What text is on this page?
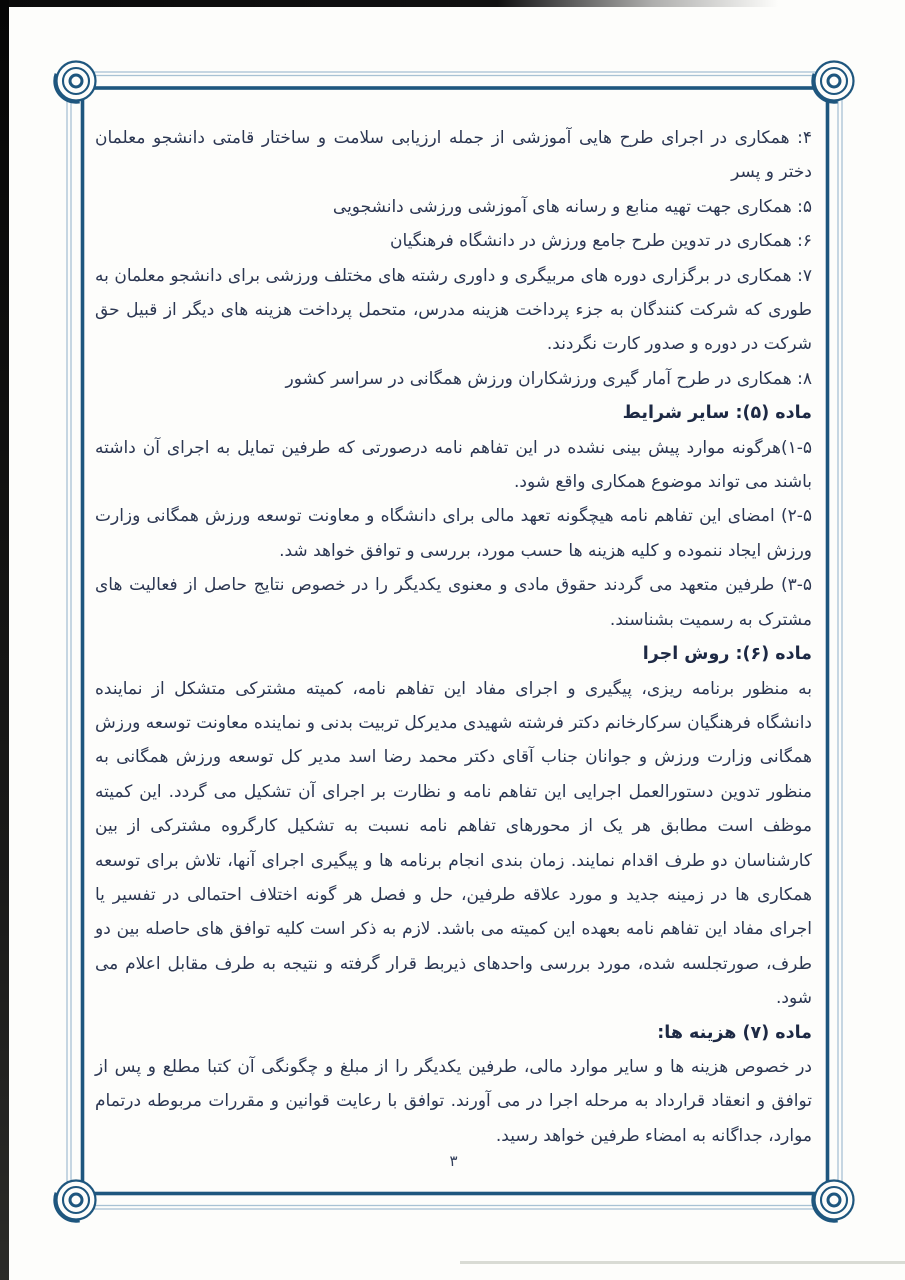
۴: همکاری در اجرای طرح هایی آموزشی از جمله ارزیابی سلامت و ساختار قامتی دانشجو معلمان دختر و پسر

۵: همکاری جهت تهیه منابع و رسانه های آموزشی ورزشی دانشجویی

۶: همکاری در تدوین طرح جامع ورزش در دانشگاه فرهنگیان

۷: همکاری در برگزاری دوره های مربیگری و داوری رشته های مختلف ورزشی برای دانشجو معلمان به طوری که شرکت کنندگان به جزء پرداخت هزینه مدرس، متحمل پرداخت هزینه های دیگر از قبیل حق شرکت در دوره و صدور کارت نگردند.

۸: همکاری در طرح آمار گیری ورزشکاران ورزش همگانی در سراسر کشور

ماده (۵): سایر شرایط

۱-۵)هرگونه موارد پیش بینی نشده در این تفاهم نامه درصورتی که طرفین تمایل به اجرای آن داشته باشند می تواند موضوع همکاری واقع شود.

۲-۵) امضای این تفاهم نامه هیچگونه تعهد مالی برای دانشگاه و معاونت توسعه ورزش همگانی وزارت ورزش ایجاد ننموده و کلیه هزینه ها حسب مورد، بررسی و توافق خواهد شد.

۳-۵) طرفین متعهد می گردند حقوق مادی و معنوی یکدیگر را در خصوص نتایج حاصل از فعالیت های مشترک به رسمیت بشناسند.

ماده (۶): روش اجرا

به منظور برنامه ریزی، پیگیری و اجرای مفاد این تفاهم نامه، کمیته مشترکی متشکل از نماینده دانشگاه فرهنگیان سرکارخانم دکتر فرشته شهیدی مدیرکل تربیت بدنی و نماینده معاونت توسعه ورزش همگانی وزارت ورزش و جوانان جناب آقای دکتر محمد رضا اسد مدیر کل توسعه ورزش همگانی به منظور تدوین دستورالعمل اجرایی این تفاهم نامه و نظارت بر اجرای آن تشکیل می گردد. این کمیته موظف است مطابق هر یک از محورهای تفاهم نامه نسبت به تشکیل کارگروه مشترکی از بین کارشناسان دو طرف اقدام نمایند. زمان بندی انجام برنامه ها و پیگیری اجرای آنها، تلاش برای توسعه همکاری ها در زمینه جدید و مورد علاقه طرفین، حل و فصل هر گونه اختلاف احتمالی در تفسیر یا اجرای مفاد این تفاهم نامه بعهده این کمیته می باشد. لازم به ذکر است کلیه توافق های حاصله بین دو طرف، صورتجلسه شده، مورد بررسی واحدهای ذیربط قرار گرفته و نتیجه به طرف مقابل اعلام می شود.

ماده (۷) هزینه ها:

در خصوص هزینه ها و سایر موارد مالی، طرفین یکدیگر را از مبلغ و چگونگی آن کتبا مطلع و پس از توافق و انعقاد قرارداد به مرحله اجرا در می آورند. توافق با رعایت قوانین و مقررات مربوطه درتمام موارد، جداگانه به امضاء طرفین خواهد رسید.

۳
